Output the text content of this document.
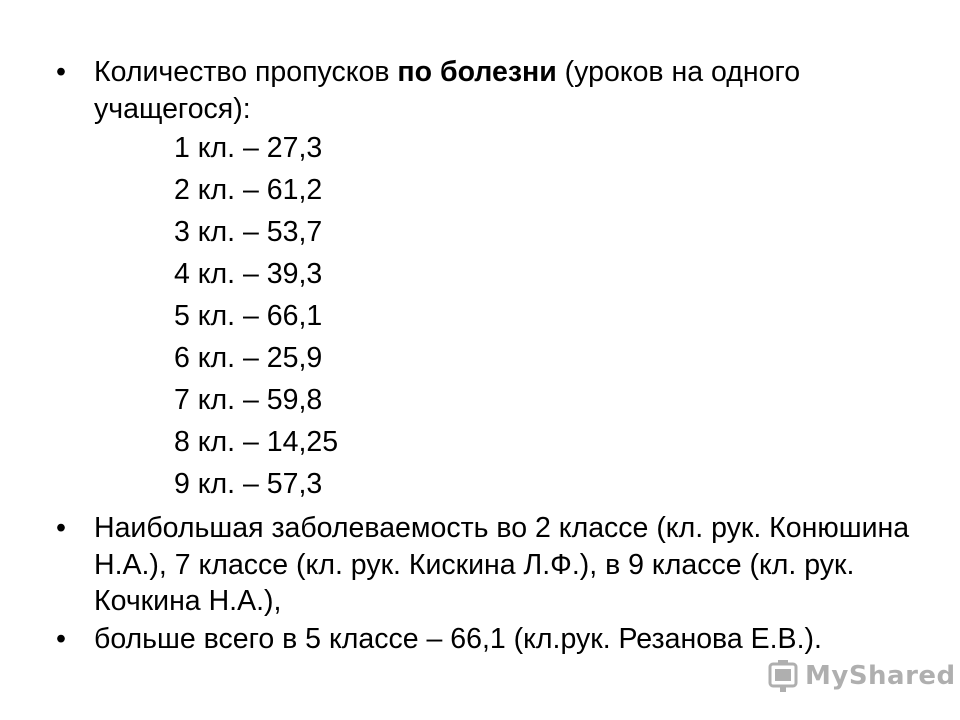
• Количество пропусков по болезни (уроков на одного учащегося):
1 кл. – 27,3
2 кл. – 61,2
3 кл. – 53,7
4 кл. – 39,3
5 кл. – 66,1
6 кл. – 25,9
7 кл. – 59,8
8 кл. – 14,25
9 кл. – 57,3
• Наибольшая заболеваемость во 2 классе (кл. рук. Конюшина Н.А.), 7 классе (кл. рук. Кискина Л.Ф.), в 9 классе (кл. рук. Кочкина Н.А.),
• больше всего в 5 классе – 66,1 (кл.рук. Резанова Е.В.).
MyShared
